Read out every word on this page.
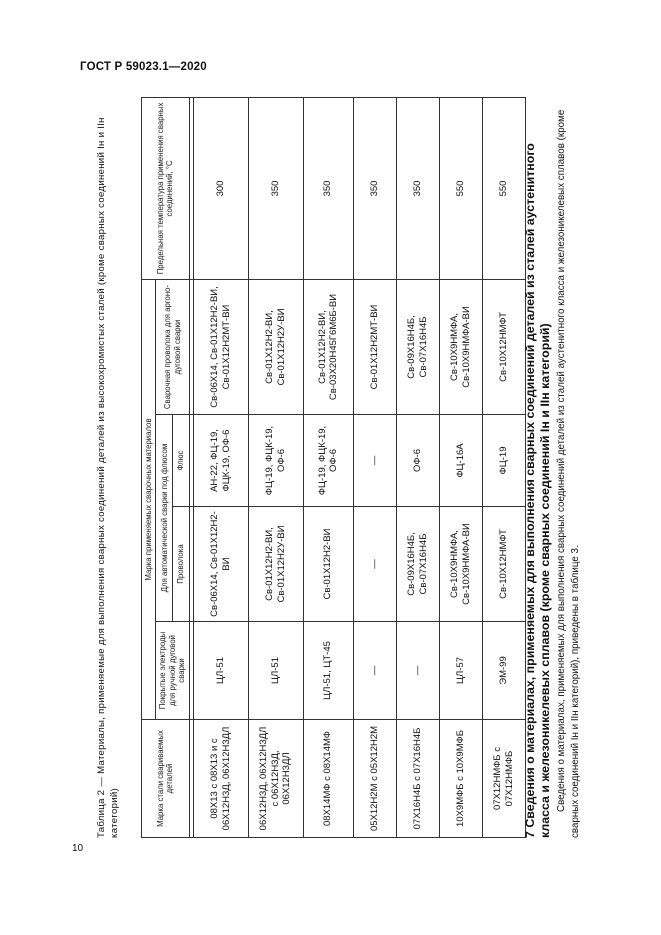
ГОСТ Р 59023.1—2020
10
Таблица 2 — Материалы, применяемые для выполнения сварных соединений деталей из высокохромистых сталей (кроме сварных соединений Iн и IIн категорий)	Марка стали свариваемых деталей	Марка применяемых сварочных материалов				Предельная температура применения сварных соединений, °С
	Покрытые электроды для ручной дуговой сварки	Для автоматической сварки под флюсом		Сварочная проволока для аргоно-дуговой сварки	
		Проволока	Флюс		

08Х13 с 08Х13 и с 06Х12Н3Д, 06Х12Н3ДЛ	ЦЛ-51	Св-06Х14, Св-01Х12Н2-ВИ	АН-22, ФЦ-19, ФЦК-19, ОФ-6	Св-06Х14, Св-01Х12Н2-ВИ, Св-01Х12Н2МТ-ВИ	300
06Х12Н3Д, 06Х12Н3ДЛ с 06Х12Н3Д, 06Х12Н3ДЛ	ЦЛ-51	Св-01Х12Н2-ВИ, Св-01Х12Н2У-ВИ	ФЦ-19, ФЦК-19, ОФ-6	Св-01Х12Н2-ВИ, Св-01Х12Н2У-ВИ	350
08Х14МФ с 08Х14МФ	ЦЛ-51, ЦТ-45	Св-01Х12Н2-ВИ	ФЦ-19, ФЦК-19, ОФ-6	Св-01Х12Н2-ВИ, Св-03Х20Н45Г6М6Б-ВИ	350
05Х12Н2М с 05Х12Н2М	—	—	—	Св-01Х12Н2МТ-ВИ	350
07Х16Н4Б с 07Х16Н4Б	—	Св-09Х16Н4Б, Св-07Х16Н4Б	ОФ-6	Св-09Х16Н4Б, Св-07Х16Н4Б	350
10Х9МФБ с 10Х9МФБ	ЦЛ-57	Св-10Х9НМФА, Св-10Х9НМФА-ВИ	ФЦ-16А	Св-10Х9НМФА, Св-10Х9НМФА-ВИ	550
07Х12НМФБ с 07Х12НМФБ	ЭМ-99	Св-10Х12НМФТ	ФЦ-19	Св-10Х12НМФТ	550 7 Сведения о материалах, применяемых для выполнения сварных соединений деталей из сталей аустенитного класса и железоникелевых сплавов (кроме сварных соединений Iн и IIн категорий) Сведения о материалах, применяемых для выполнения сварных соединений деталей из сталей аустенитного класса и железоникелевых сплавов (кроме сварных соединений Iн и IIн категорий), приведены в таблице 3.
